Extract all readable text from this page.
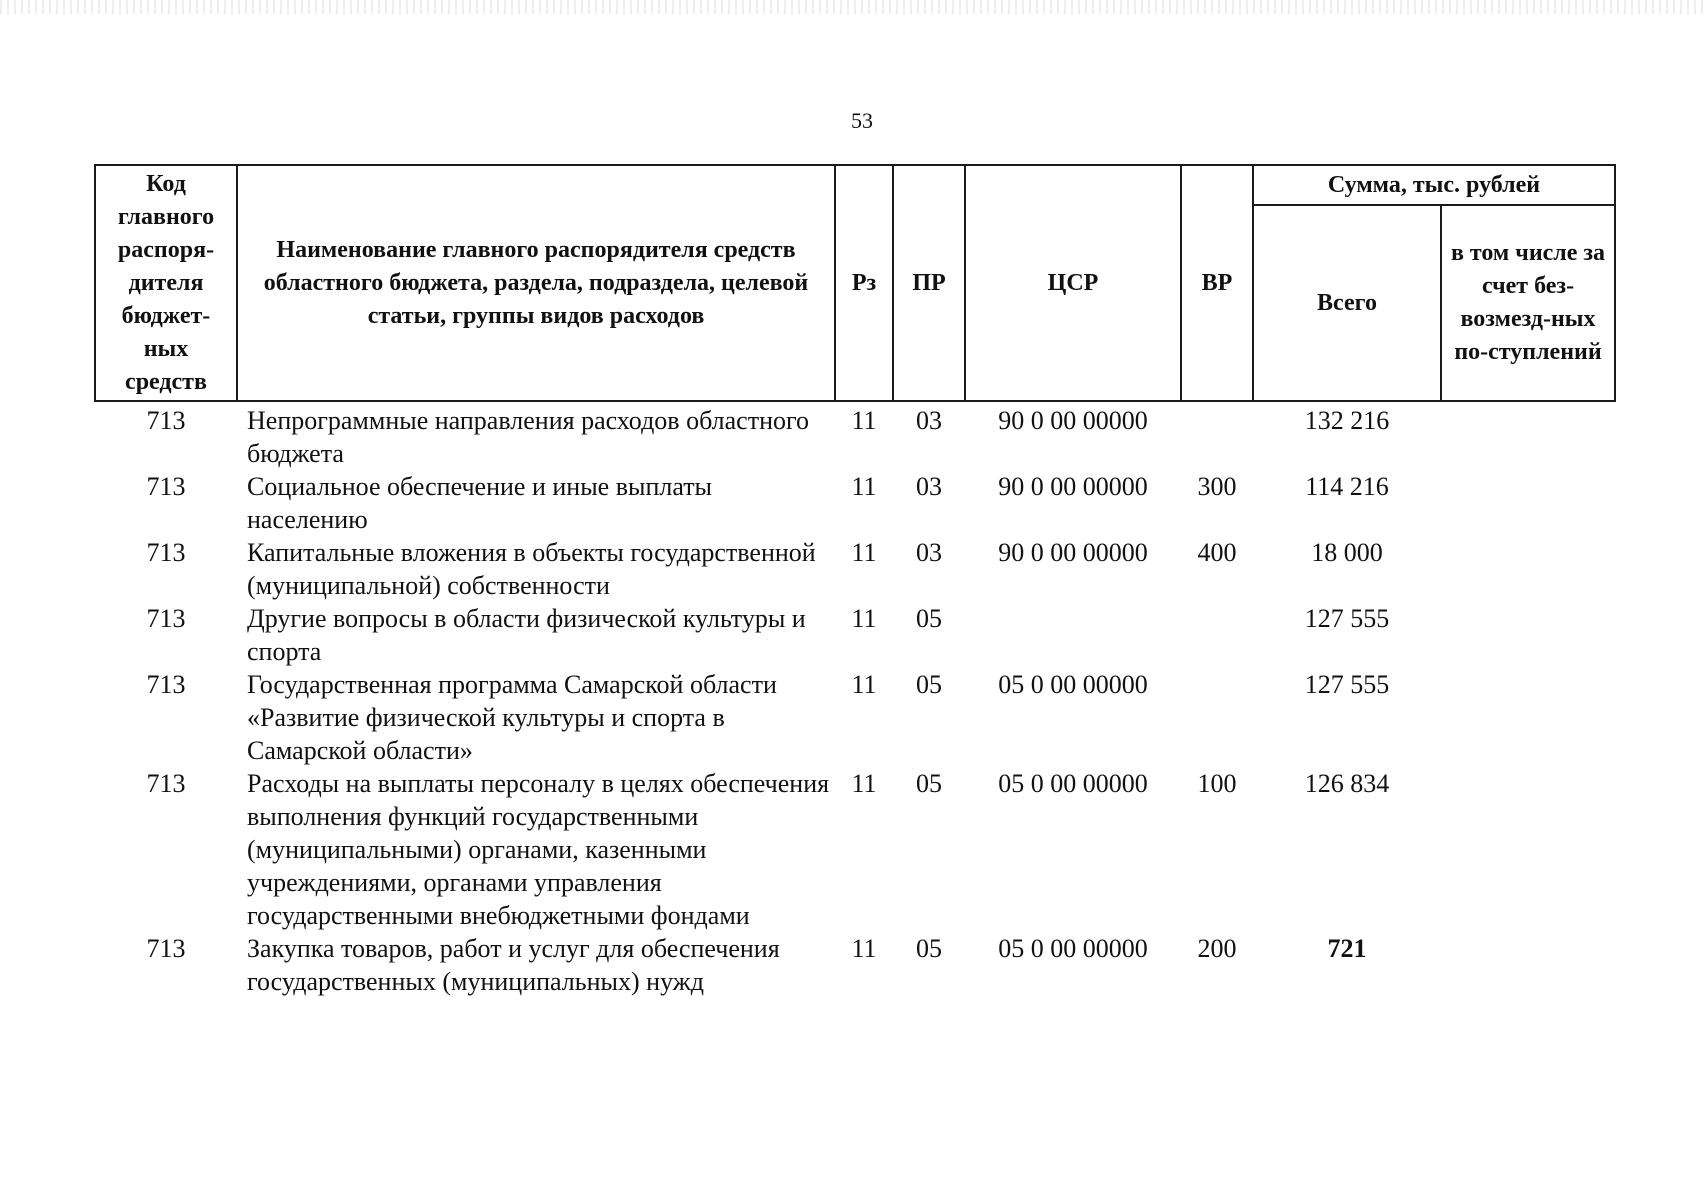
53
Код главного распоря-дителя бюджет-ных средств	Наименование главного распорядителя средств областного бюджета, раздела, подраздела, целевой статьи, группы видов расходов	Рз	ПР	ЦСР	ВР	Сумма, тыс. рублей	
						Всего	в том числе за счет без-возмезд-ных по-ступлений
713	Непрограммные направления расходов областного бюджета	11	03	90 0 00 00000		132 216	
713	Социальное обеспечение и иные выплаты населению	11	03	90 0 00 00000	300	114 216	
713	Капитальные вложения в объекты государственной (муниципальной) собственности	11	03	90 0 00 00000	400	18 000	
713	Другие вопросы в области физической культуры и спорта	11	05			127 555	
713	Государственная программа Самарской области «Развитие физической культуры и спорта в Самарской области»	11	05	05 0 00 00000		127 555	
713	Расходы на выплаты персоналу в целях обеспечения выполнения функций государственными (муниципальными) органами, казенными учреждениями, органами управления государственными внебюджетными фондами	11	05	05 0 00 00000	100	126 834	
713	Закупка товаров, работ и услуг для обеспечения государственных (муниципальных) нужд	11	05	05 0 00 00000	200	721	
